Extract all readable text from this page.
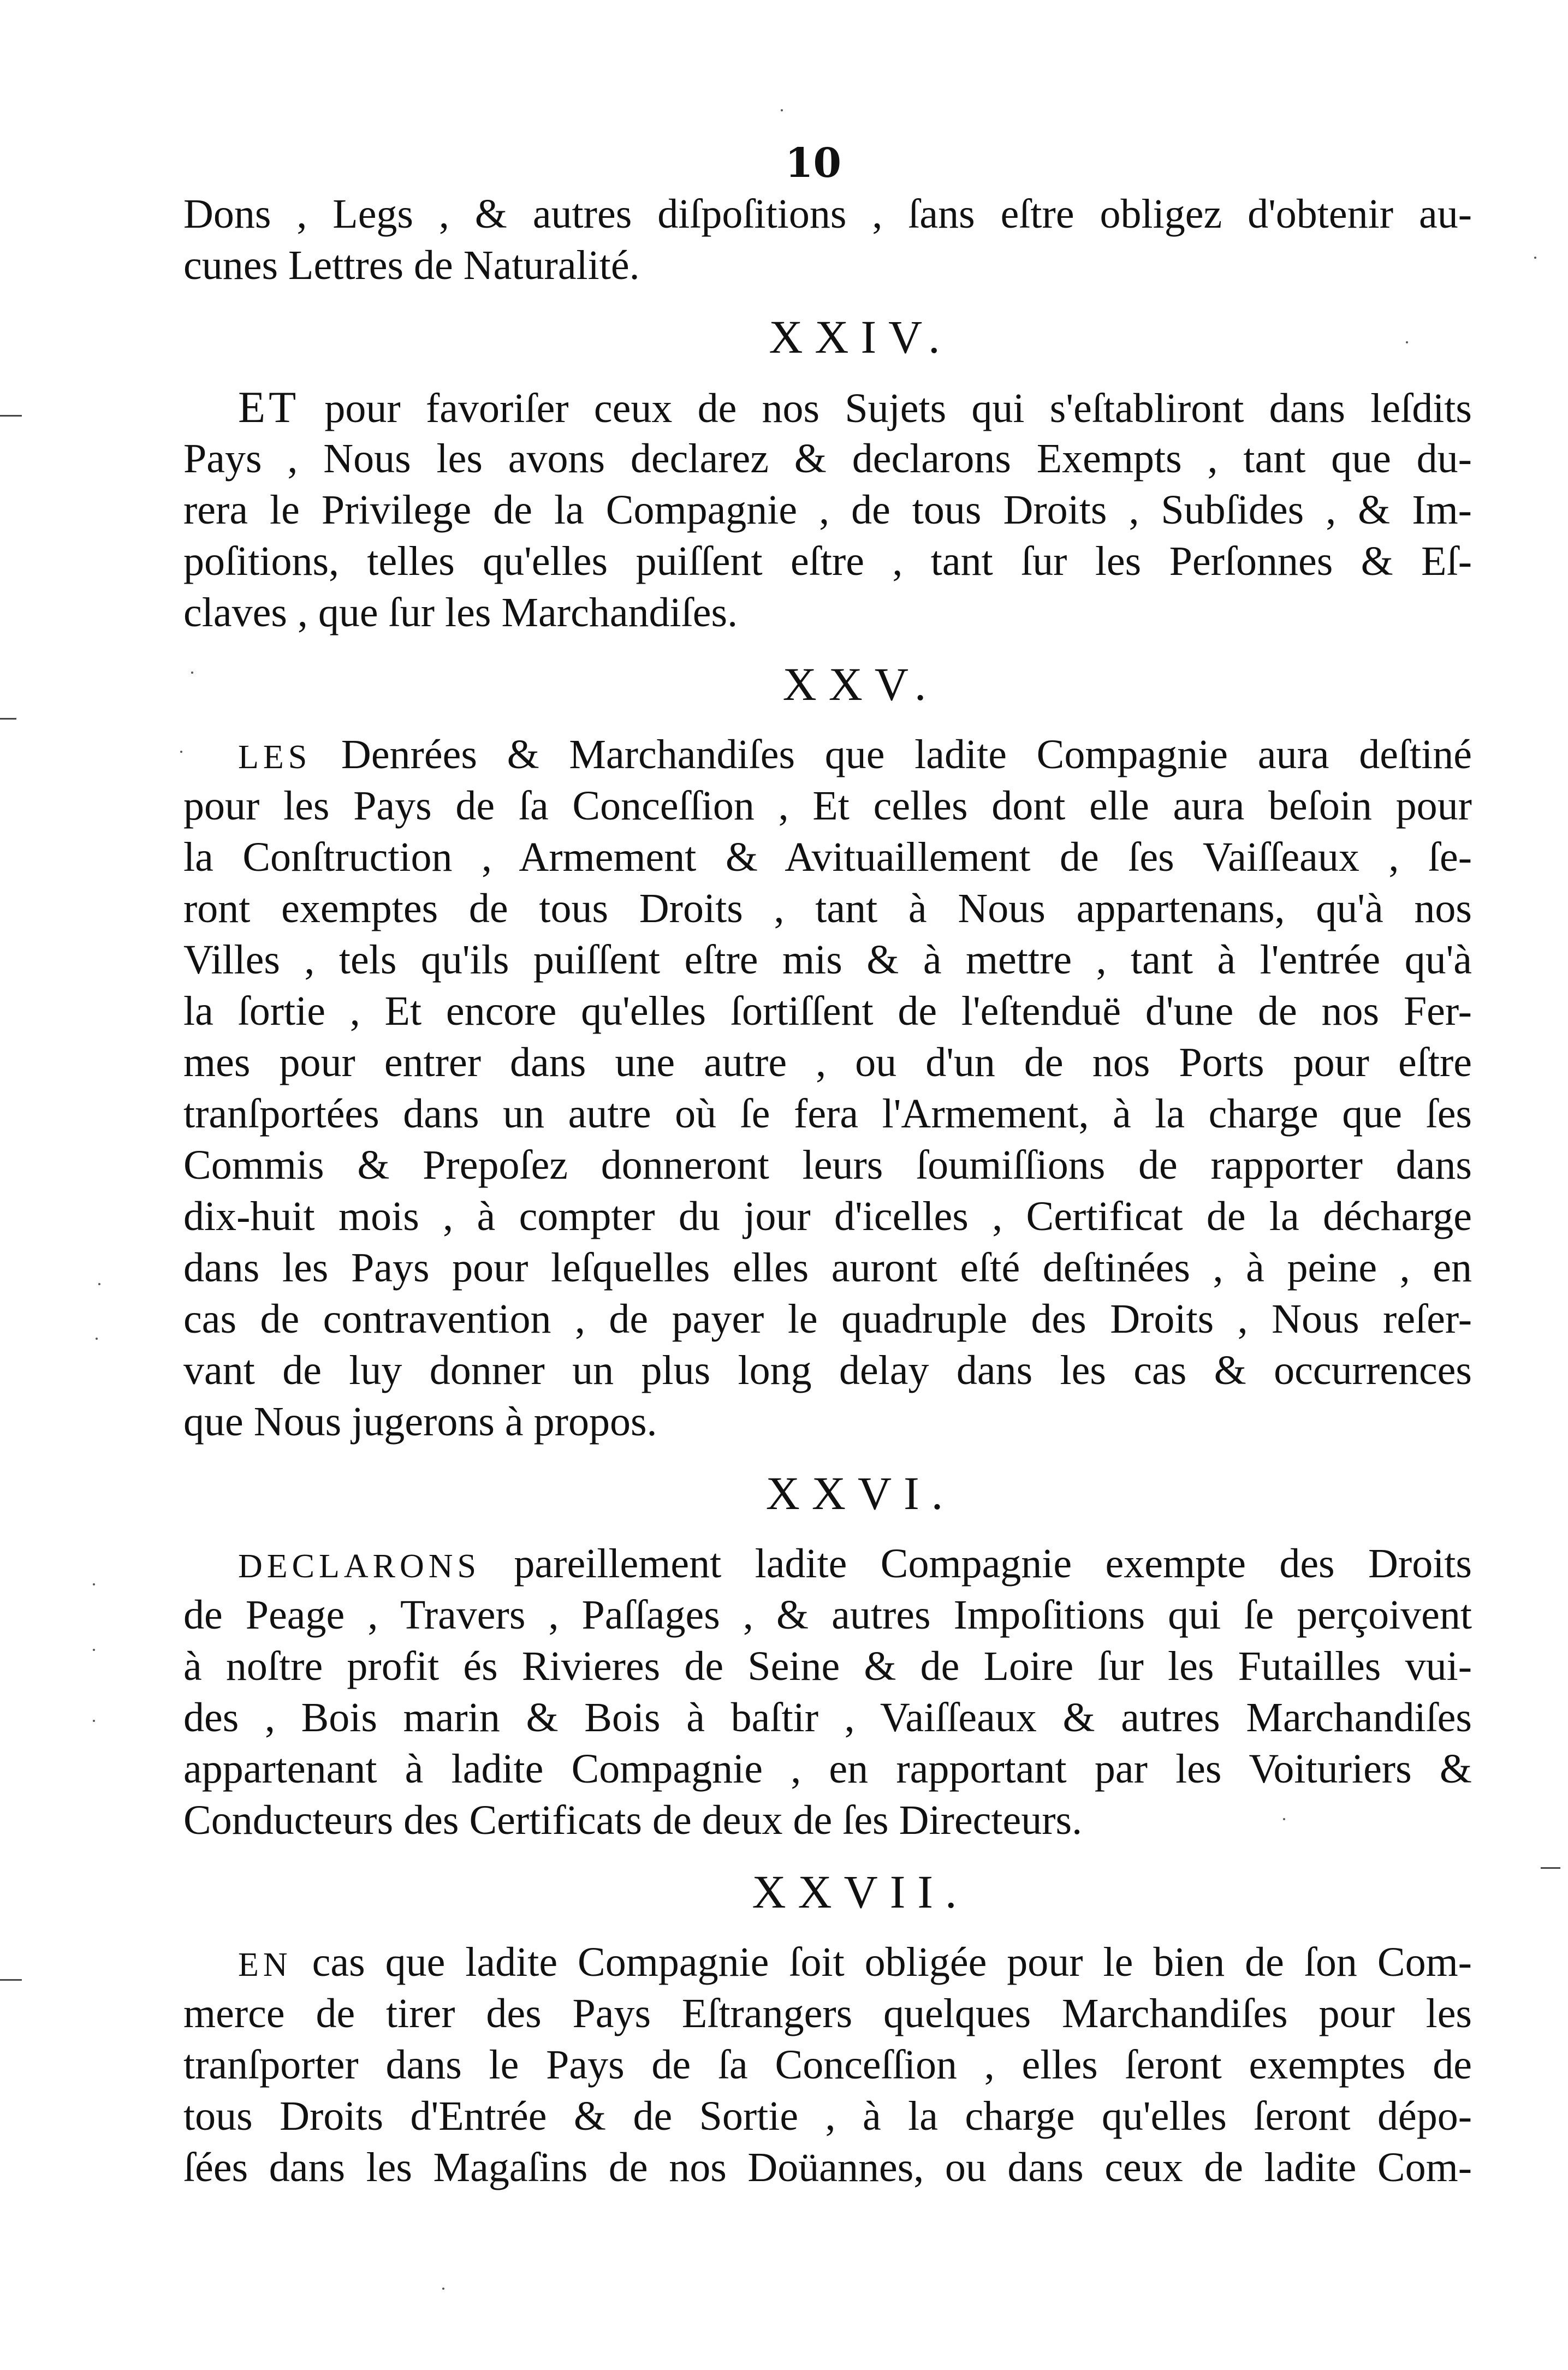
10
Dons , Legs , & autres diſpoſitions , ſans eſtre obligez d'obtenir au-
cunes Lettres de Naturalité.
XXIV.
ET pour favoriſer ceux de nos Sujets qui s'eſtabliront dans leſdits
Pays , Nous les avons declarez & declarons Exempts , tant que du-
rera le Privilege de la Compagnie , de tous Droits , Subſides , & Im-
poſitions, telles qu'elles puiſſent eſtre , tant ſur les Perſonnes & Eſ-
claves , que ſur les Marchandiſes.
XXV.
LES Denrées & Marchandiſes que ladite Compagnie aura deſtiné
pour les Pays de ſa Conceſſion , Et celles dont elle aura beſoin pour
la Conſtruction , Armement & Avituaillement de ſes Vaiſſeaux , ſe-
ront exemptes de tous Droits , tant à Nous appartenans, qu'à nos
Villes , tels qu'ils puiſſent eſtre mis & à mettre , tant à l'entrée qu'à
la ſortie , Et encore qu'elles ſortiſſent de l'eſtenduë d'une de nos Fer-
mes pour entrer dans une autre , ou d'un de nos Ports pour eſtre
tranſportées dans un autre où ſe fera l'Armement, à la charge que ſes
Commis & Prepoſez donneront leurs ſoumiſſions de rapporter dans
dix-huit mois , à compter du jour d'icelles , Certificat de la décharge
dans les Pays pour leſquelles elles auront eſté deſtinées , à peine , en
cas de contravention , de payer le quadruple des Droits , Nous reſer-
vant de luy donner un plus long delay dans les cas & occurrences
que Nous jugerons à propos.
XXVI.
DECLARONS pareillement ladite Compagnie exempte des Droits
de Peage , Travers , Paſſages , & autres Impoſitions qui ſe perçoivent
à noſtre profit és Rivieres de Seine & de Loire ſur les Futailles vui-
des , Bois marin & Bois à baſtir , Vaiſſeaux & autres Marchandiſes
appartenant à ladite Compagnie , en rapportant par les Voituriers &
Conducteurs des Certificats de deux de ſes Directeurs.
XXVII.
EN cas que ladite Compagnie ſoit obligée pour le bien de ſon Com-
merce de tirer des Pays Eſtrangers quelques Marchandiſes pour les
tranſporter dans le Pays de ſa Conceſſion , elles ſeront exemptes de
tous Droits d'Entrée & de Sortie , à la charge qu'elles ſeront dépo-
ſées dans les Magaſins de nos Doüannes, ou dans ceux de ladite Com-
